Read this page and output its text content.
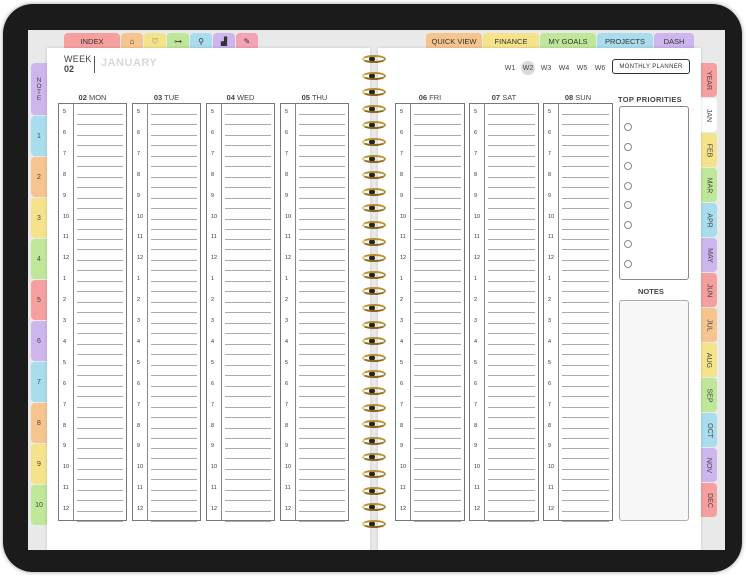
INDEX	⌂ ♡ ⊶ ⚲ ▟ ✎	QUICK VIEW	FINANCE	MY GOALS	PROJECTS	DASH
NOTE
1
2
3
4
5
6
7
8
9
10
YEAR
JAN
FEB
MAR
APR
MAY
JUN
JUL
AUG
SEP
OCT
NOV
DEC
WEEK
02	JANUARY
02 MON
5
6
7
8
9
10
11
12
1
2
3
4
5
6
7
8
9
10
11
12
03 TUE
5
6
7
8
9
10
11
12
1
2
3
4
5
6
7
8
9
10
11
12
04 WED
5
6
7
8
9
10
11
12
1
2
3
4
5
6
7
8
9
10
11
12
05 THU
5
6
7
8
9
10
11
12
1
2
3
4
5
6
7
8
9
10
11
12
W1 W2 W3 W4 W5 W6	MONTHLY PLANNER
TOP PRIORITIES
NOTES
06 FRI
5
6
7
8
9
10
11
12
1
2
3
4
5
6
7
8
9
10
11
12
07 SAT
5
6
7
8
9
10
11
12
1
2
3
4
5
6
7
8
9
10
11
12
08 SUN
5
6
7
8
9
10
11
12
1
2
3
4
5
6
7
8
9
10
11
12
